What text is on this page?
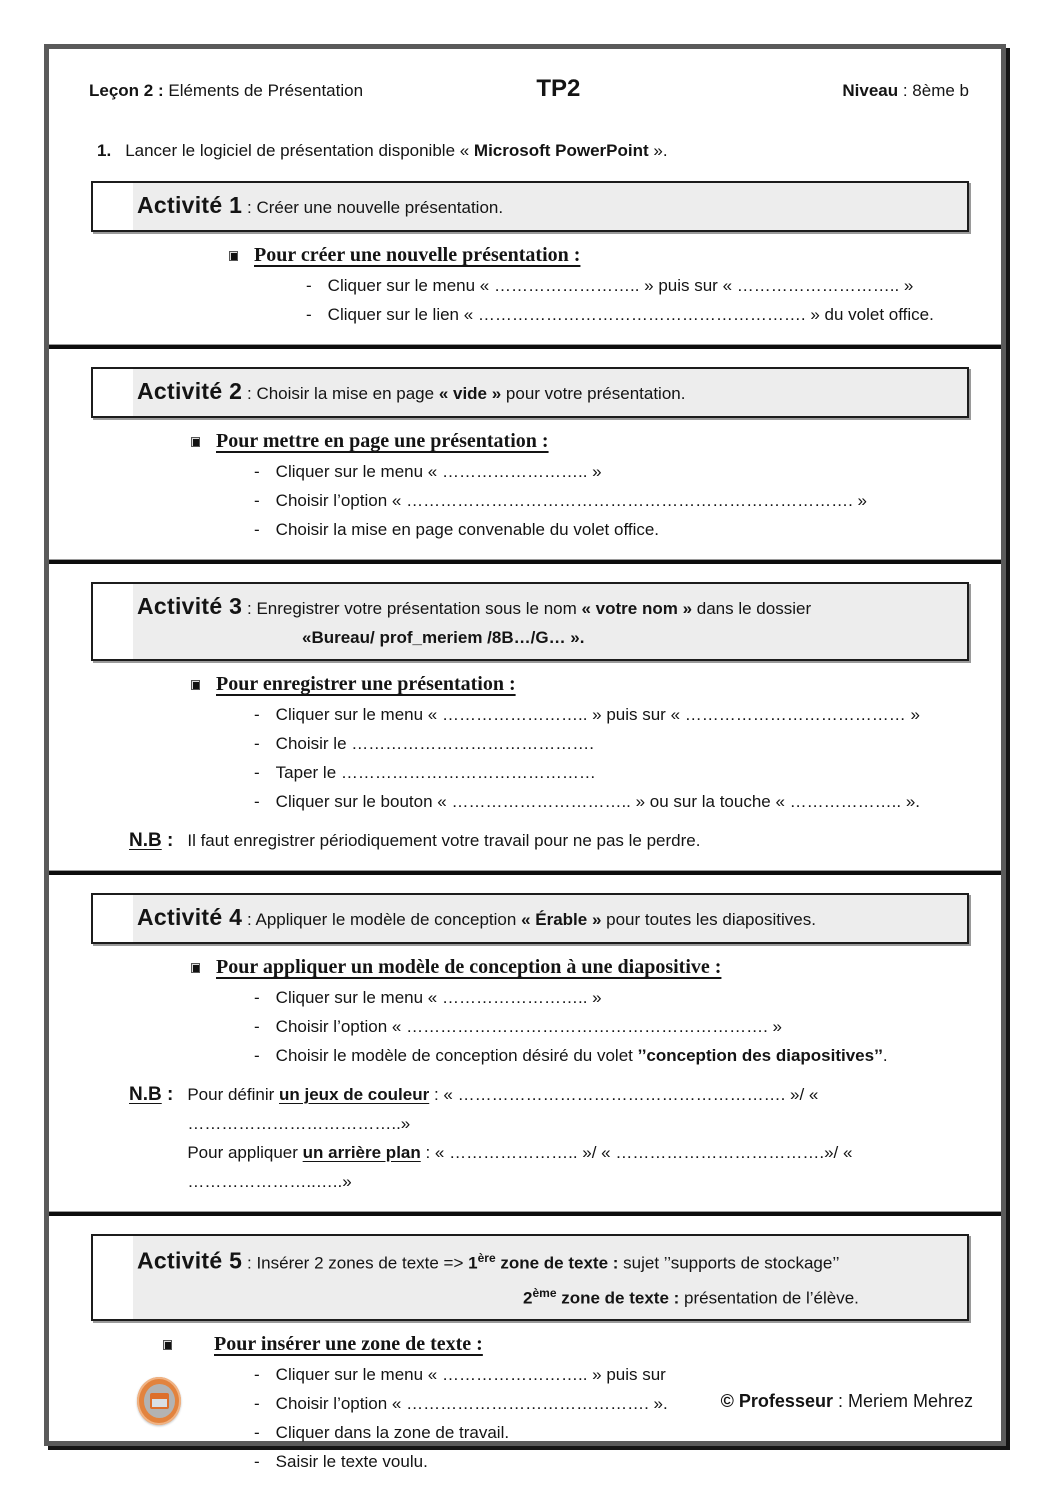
Leçon 2 : Eléments de Présentation	TP2	Niveau : 8ème b
1. Lancer le logiciel de présentation disponible « Microsoft PowerPoint ».
Activité 1 : Créer une nouvelle présentation.
Pour créer une nouvelle présentation :
- Cliquer sur le menu « …………………….. » puis sur « ……………………….. »
- Cliquer sur le lien « …………………………………………………. » du volet office.
Activité 2 : Choisir la mise en page « vide » pour votre présentation.
Pour mettre en page une présentation :
- Cliquer sur le menu « …………………….. »
- Choisir l’option « ……………………………………………………………………. »
- Choisir la mise en page convenable du volet office.
Activité 3 : Enregistrer votre présentation sous le nom « votre nom » dans le dossier
«Bureau/ prof_meriem /8B…/G… ».
Pour enregistrer une présentation :
- Cliquer sur le menu « …………………….. » puis sur « ………………………………… »
- Choisir le …………………………………….
- Taper le ………………………………………
- Cliquer sur le bouton « ………………………….. » ou sur la touche « ……………….. ».
N.B : Il faut enregistrer périodiquement votre travail pour ne pas le perdre.
Activité 4 : Appliquer le modèle de conception « Érable » pour toutes les diapositives.
Pour appliquer un modèle de conception à une diapositive :
- Cliquer sur le menu « …………………….. »
- Choisir l’option « ………………………………………………………. »
- Choisir le modèle de conception désiré du volet ’’conception des diapositives’’.
N.B : Pour définir un jeux de couleur : « …………………………………………………. »/ « ………………………………..»
Pour appliquer un arrière plan : « ………………….. »/ « ……………………………….»/ « …………………..…..»
Activité 5 : Insérer 2 zones de texte => 1ère zone de texte : sujet ’’supports de stockage’’
2ème zone de texte : présentation de l’élève.
Pour insérer une zone de texte :
- Cliquer sur le menu « …………………….. » puis sur
- Choisir l’option « ……………………………………. ».
- Cliquer dans la zone de travail.
- Saisir le texte voulu.
© Professeur : Meriem Mehrez
